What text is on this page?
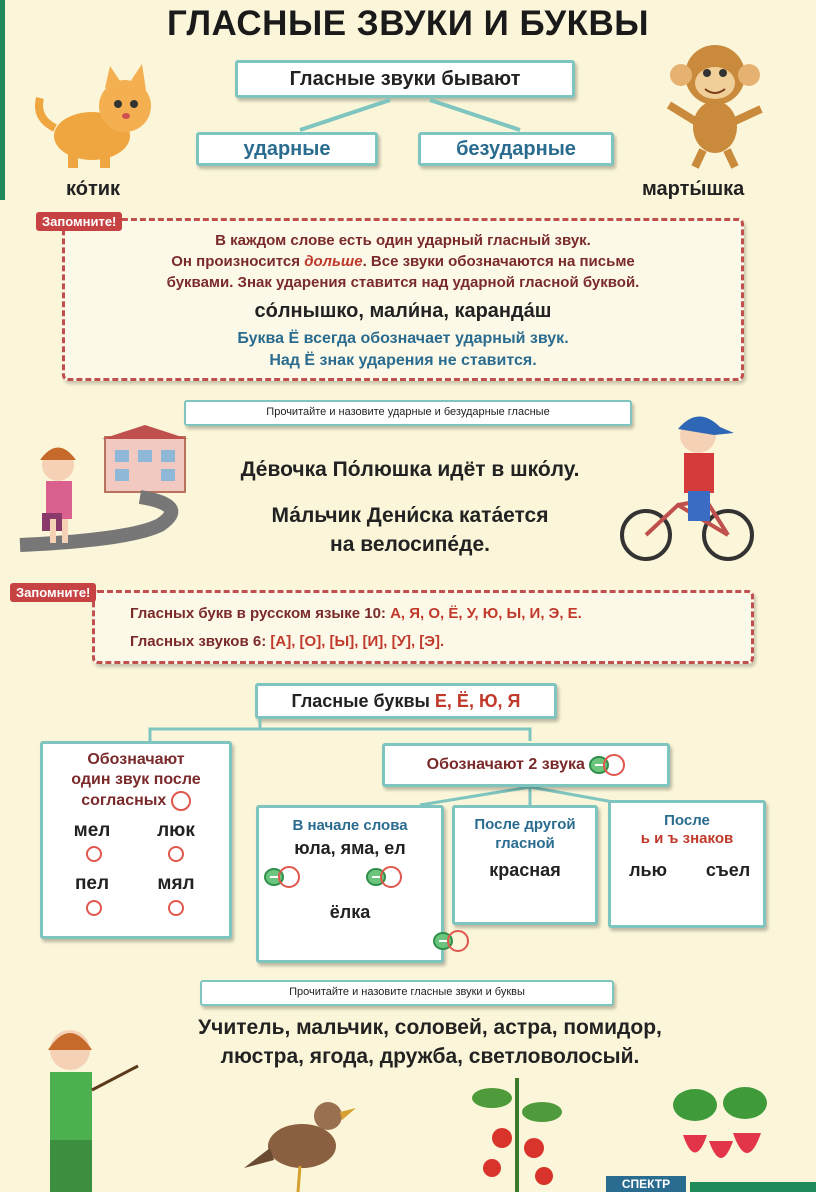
ГЛАСНЫЕ ЗВУКИ И БУКВЫ
ко́тик	марты́шка
Гласные звуки бывают
ударные	безударные
Запомните!
В каждом слове есть один ударный гласный звук.
Он произносится дольше. Все звуки обозначаются на письме
буквами. Знак ударения ставится над ударной гласной буквой.
со́лнышко, мали́на, каранда́ш
Буква Ё всегда обозначает ударный звук.
Над Ё знак ударения не ставится.
Прочитайте и назовите ударные и безударные гласные
Де́вочка По́люшка идёт в шко́лу.
Ма́льчик Дени́ска ката́ется
на велосипе́де.
Запомните!
Гласных букв в русском языке 10: А, Я, О, Ё, У, Ю, Ы, И, Э, Е.
Гласных звуков 6: [А], [О], [Ы], [И], [У], [Э].
Гласные буквы Е, Ё, Ю, Я
Обозначают
один звук после
согласных
мел	люк
пел	мял
Обозначают 2 звука
В начале слова
юла, яма, ел

ёлка

После другой
гласной
красная

После
ь и ъ знаков
лью	съел

Прочитайте и назовите гласные звуки и буквы
Учитель, мальчик, соловей, астра, помидор,
люстра, ягода, дружба, светловолосый.
СПЕКТР
